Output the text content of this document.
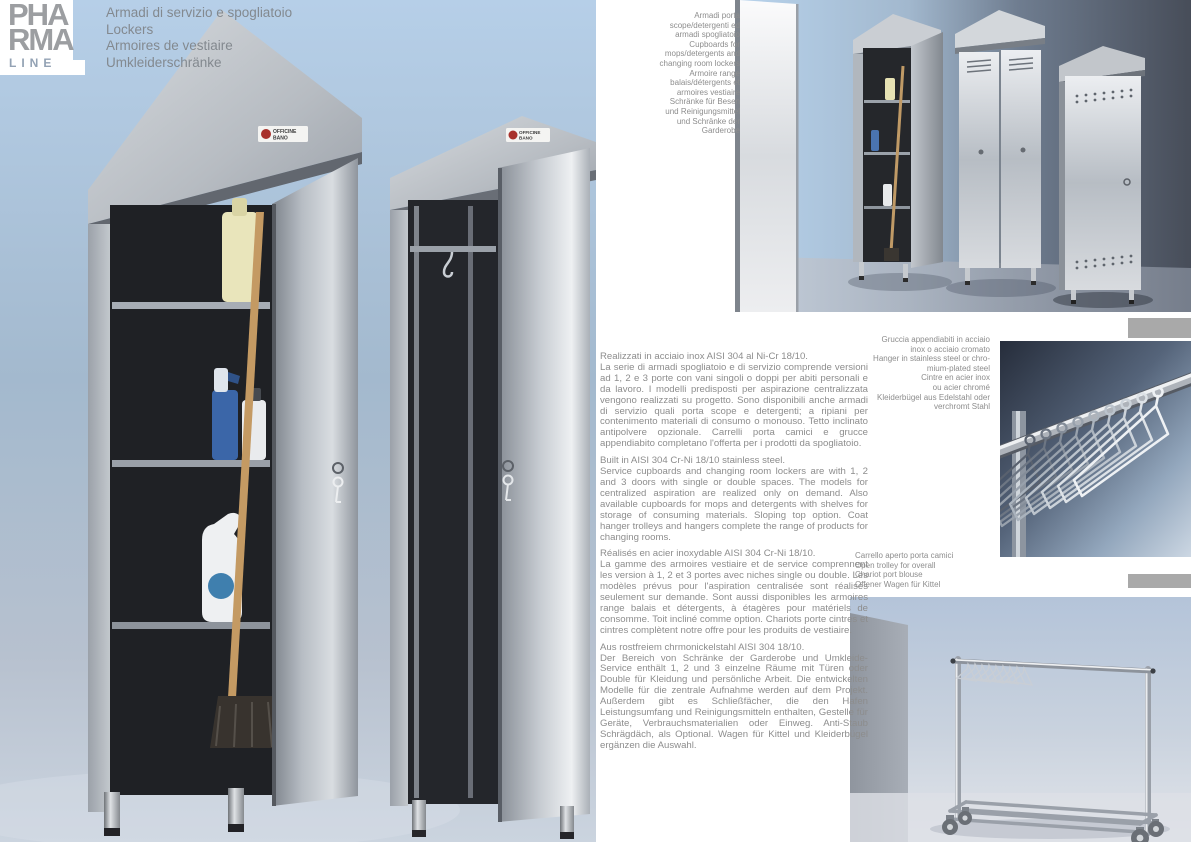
OFFICINE
BANO
OFFICINE
BANO
PHA
RMA
LINE
Armadi di servizio e spogliatoio
Lockers
Armoires de vestiaire
Umkleiderschränke
Armadi porta
scope/detergenti ed
armadi spogliatoio
Cupboards for
mops/detergents and
changing room lockers
Armoire range
balais/détergents et
armoires vestiaire
Schränke für Besen
und Reinigungsmittel
und Schränke der
Garderobe

Realizzati in acciaio inox AISI 304 al Ni-Cr 18/10.
La serie di armadi spogliatoio e di servizio comprende versioni ad 1, 2 e 3 porte con vani singoli o doppi per abiti personali e da lavoro. I modelli predisposti per aspirazione centralizzata vengono realizzati su progetto. Sono disponibili anche armadi di servizio quali porta scope e detergenti; a ripiani per contenimento materiali di consumo o monouso. Tetto inclinato antipolvere opzionale. Carrelli porta camici e grucce appendiabito completano l'offerta per i prodotti da spogliatoio.

Built in AISI 304 Cr-Ni 18/10 stainless steel.
Service cupboards and changing room lockers are with 1, 2 and 3 doors with single or double spaces. The models for centralized aspiration are realized only on demand. Also available cupboards for mops and detergents with shelves for storage of consuming materials. Sloping top option. Coat hanger trolleys and hangers complete the range of products for changing rooms.

Réalisés en acier inoxydable AISI 304 Cr-Ni 18/10.
La gamme des armoires vestiaire et de service comprennent les version à 1, 2 et 3 portes avec niches single ou double. Les modèles prévus pour l'aspiration centralisée sont réalisés seulement sur demande. Sont aussi disponibles les armoires range balais et détergents, à étagères pour matériels de consomme. Toit incliné comme option. Chariots porte cintres et cintres complètent notre offre pour les produits de vestiaire.

Aus rostfreiem chrmonickelstahl AISI 304 18/10.
Der Bereich von Schränke der Garderobe und Umkleide-Service enthält 1, 2 und 3 einzelne Räume mit Türen oder Double für Kleidung und persönliche Arbeit. Die entwickelten Modelle für die zentrale Aufnahme werden auf dem Projekt. Außerdem gibt es Schließfächer, die den Hafen Leistungsumfang und Reinigungsmitteln enthalten, Gestelle für Geräte, Verbrauchsmaterialien oder Einweg. Anti-Staub Schrägdäch, als Optional. Wagen für Kittel und Kleiderbügel ergänzen die Auswahl.

Gruccia appendiabiti in acciaio
inox o acciaio cromato
Hanger in stainless steel or chro-
mium-plated steel
Cintre en acier inox
ou acier chromé
Kleiderbügel aus Edelstahl oder
verchromt Stahl
Carrello aperto porta camici
Open trolley for overall
Chariot port blouse
Offener Wagen für Kittel
